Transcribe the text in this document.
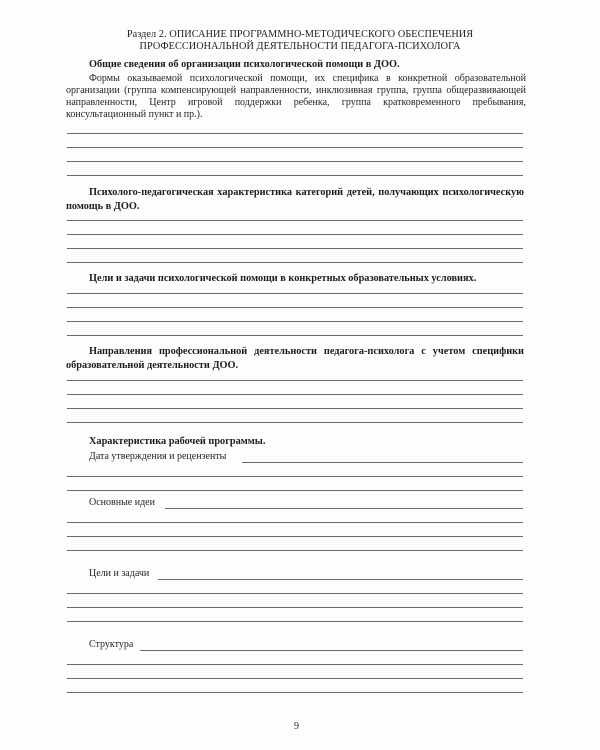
Раздел 2. ОПИСАНИЕ ПРОГРАММНО-МЕТОДИЧЕСКОГО ОБЕСПЕЧЕНИЯ
ПРОФЕССИОНАЛЬНОЙ ДЕЯТЕЛЬНОСТИ ПЕДАГОГА-ПСИХОЛОГА
Общие сведения об организации психологической помощи в ДОО.
Формы оказываемой психологической помощи, их специфика в конкретной образовательной организации (группа компенсирующей направленности, инклюзивная группа, группа общеразвивающей направленности, Центр игровой поддержки ребенка, группа кратковременного пребывания, консультационный пункт и пр.).
Психолого-педагогическая характеристика категорий детей, получающих психологическую помощь в ДОО.
Цели и задачи психологической помощи в конкретных образовательных условиях.
Направления профессиональной деятельности педагога-психолога с учетом специфики образовательной деятельности ДОО.
Характеристика рабочей программы.
Дата утверждения и рецензенты
Основные идеи
Цели и задачи
Структура
9
